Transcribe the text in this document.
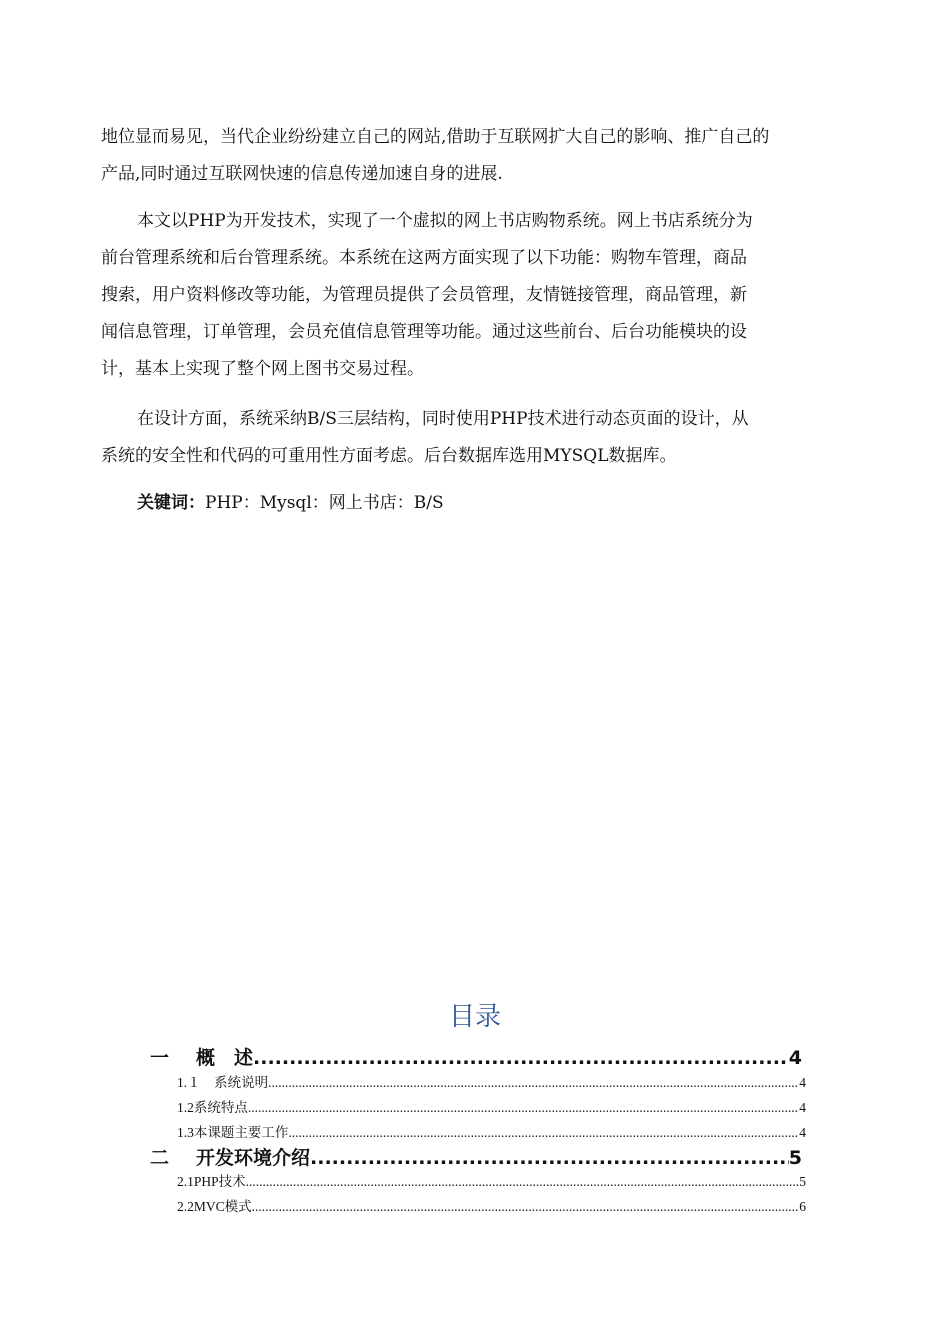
地位显而易见，当代企业纷纷建立自己的网站,借助于互联网扩大自己的影响、推广自己的
产品,同时通过互联网快速的信息传递加速自身的进展.
本文以PHP为开发技术，实现了一个虚拟的网上书店购物系统。网上书店系统分为
前台管理系统和后台管理系统。本系统在这两方面实现了以下功能：购物车管理，商品
搜索，用户资料修改等功能，为管理员提供了会员管理，友情链接管理，商品管理，新
闻信息管理，订单管理，会员充值信息管理等功能。通过这些前台、后台功能模块的设
计，基本上实现了整个网上图书交易过程。
在设计方面，系统采纳B/S三层结构，同时使用PHP技术进行动态页面的设计，从
系统的安全性和代码的可重用性方面考虑。后台数据库选用MYSQL数据库。
关键词：PHP：Mysql：网上书店：B/S
目录
一	概　述 .....	4
1.１ 　系统说明 .....	4
1.2 系统特点 .....	4
1.3 本课题主要工作 .....	4
二	开发环境介绍 .....	5
2.1 PHP技术 .....	5
2.2 MVC模式 .....	6
